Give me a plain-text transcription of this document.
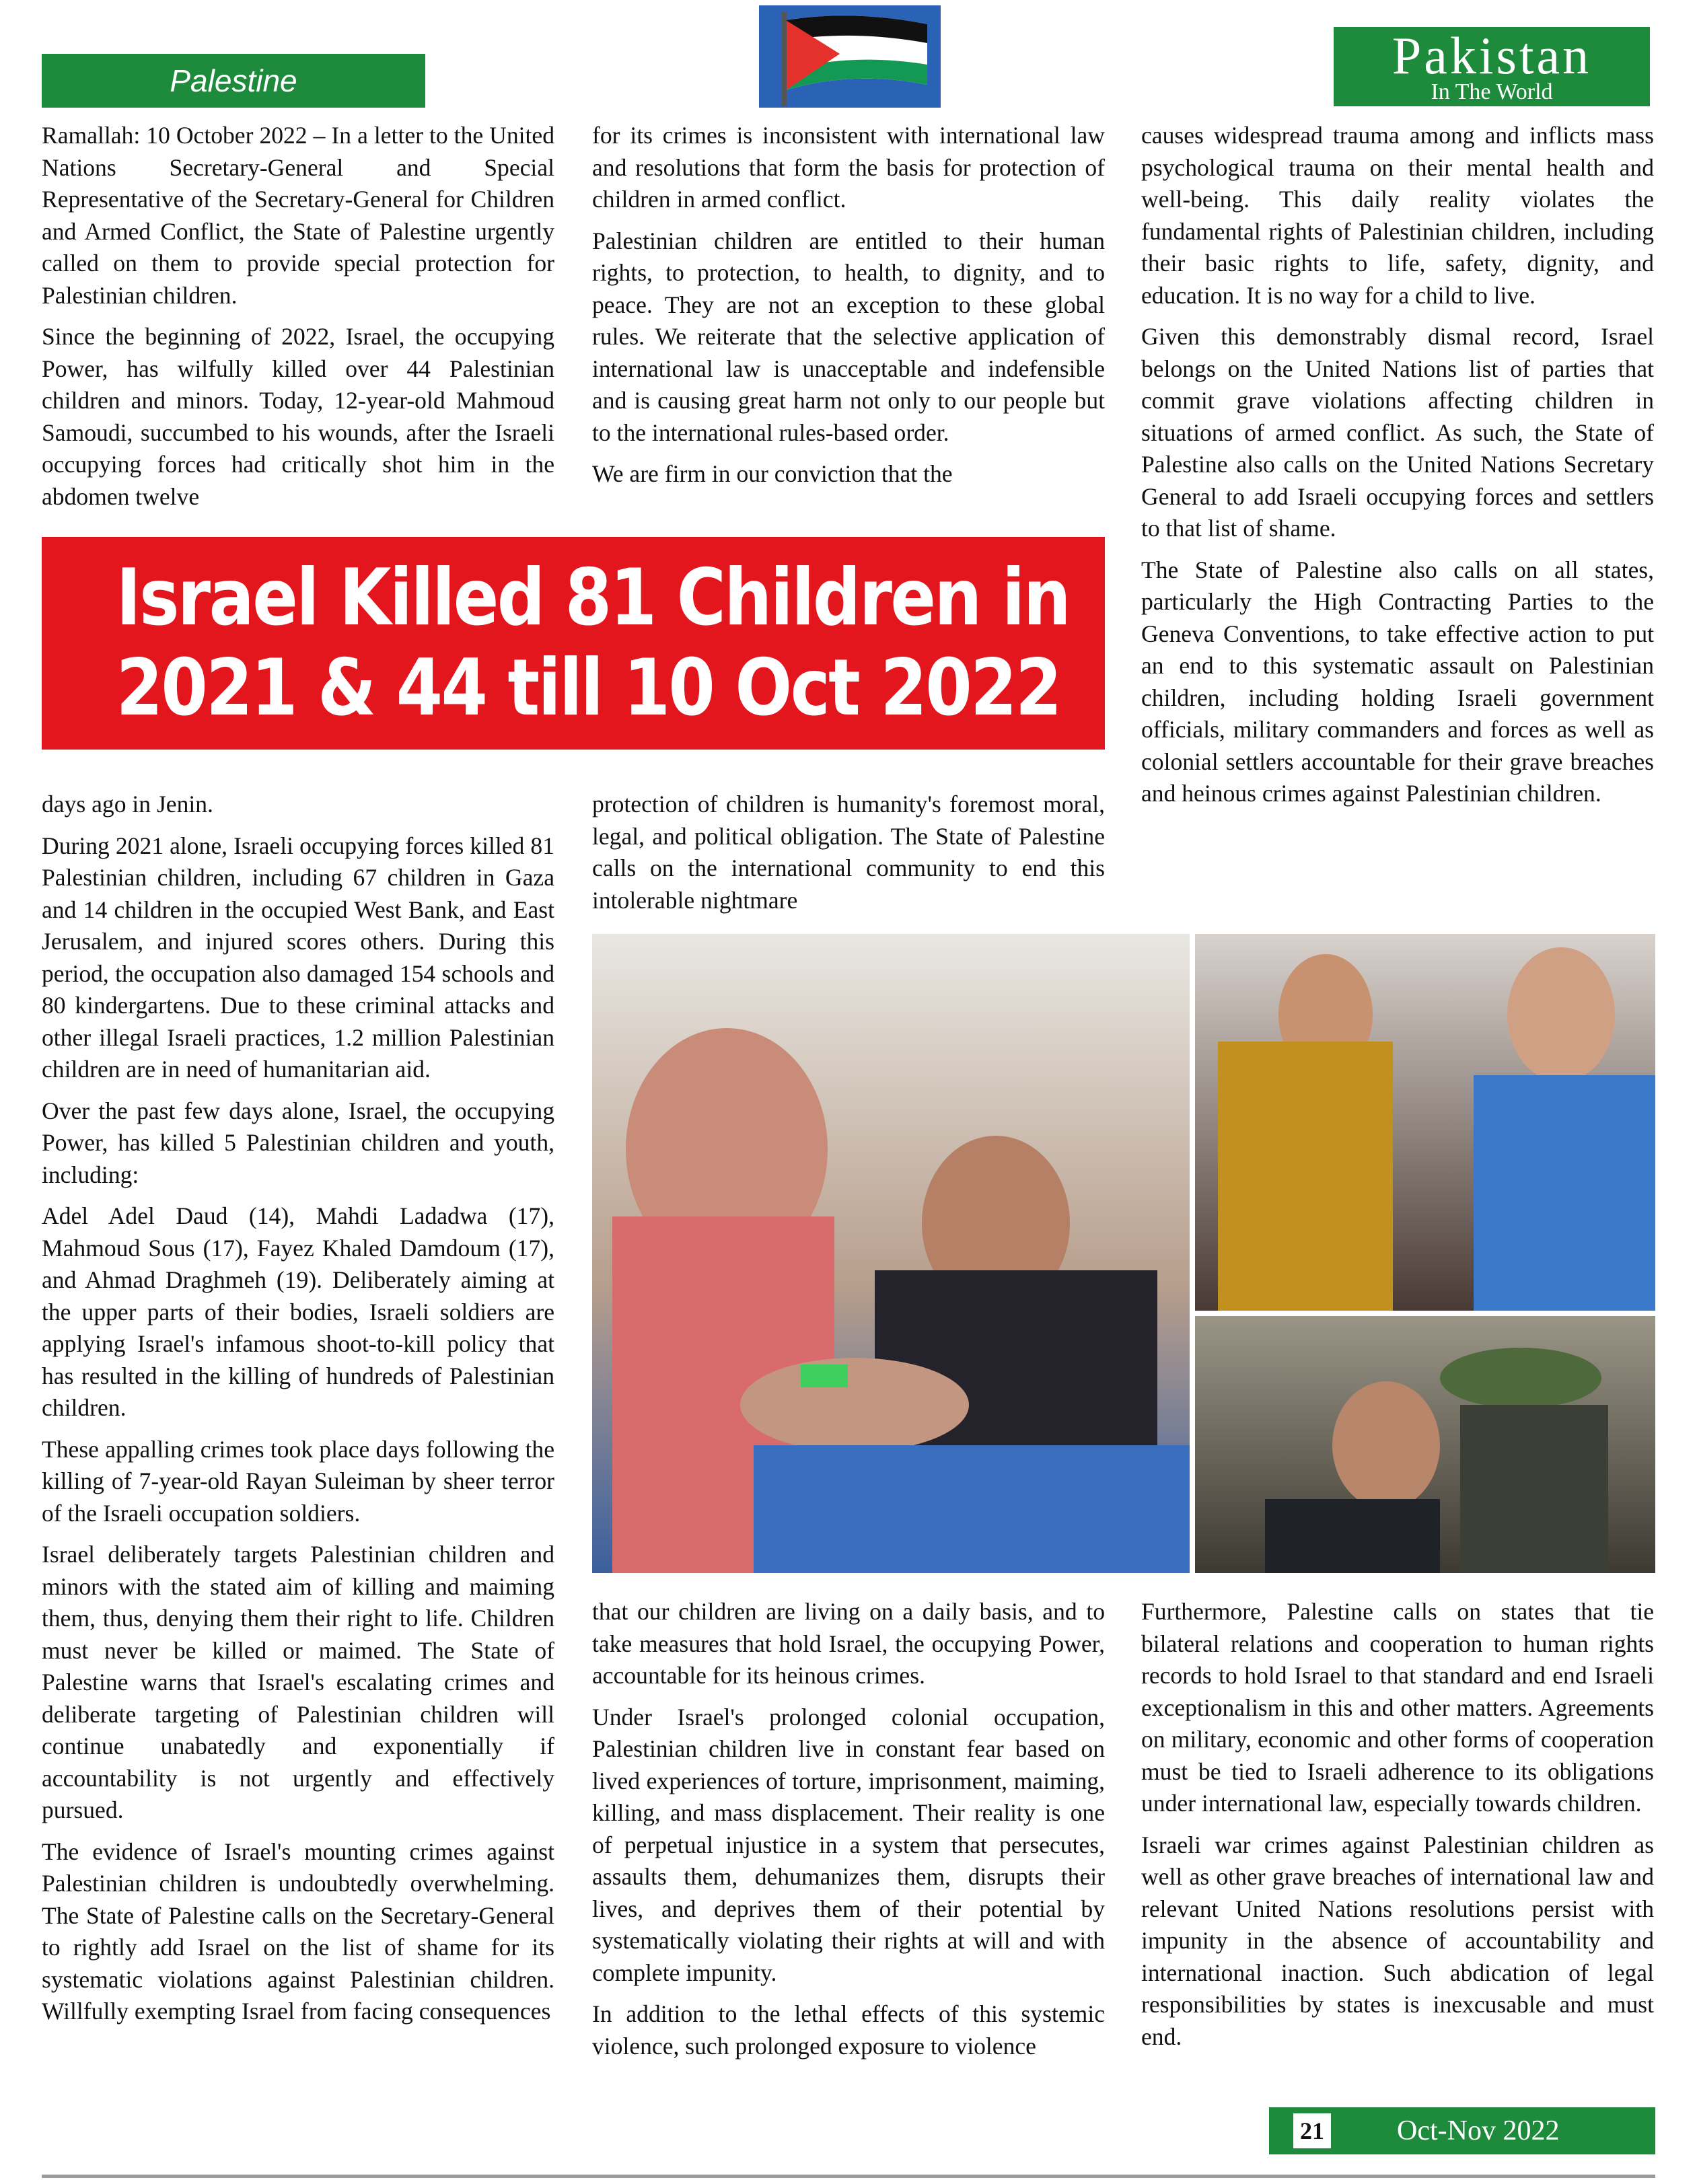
Palestine	Pakistan
In The World

Ramallah: 10 October 2022 – In a letter to the United Nations Secretary-General and Special Representative of the Secretary-General for Children and Armed Conflict, the State of Palestine urgently called on them to provide special protection for Palestinian children.

Since the beginning of 2022, Israel, the occupying Power, has wilfully killed over 44 Palestinian children and minors. Today, 12-year-old Mahmoud Samoudi, succumbed to his wounds, after the Israeli occupying forces had critically shot him in the abdomen twelve

for its crimes is inconsistent with international law and resolutions that form the basis for protection of children in armed conflict.

Palestinian children are entitled to their human rights, to protection, to health, to dignity, and to peace. They are not an exception to these global rules. We reiterate that the selective application of international law is unacceptable and indefensible and is causing great harm not only to our people but to the international rules-based order.

We are firm in our conviction that the

causes widespread trauma among and inflicts mass psychological trauma on their mental health and well-being. This daily reality violates the fundamental rights of Palestinian children, including their basic rights to life, safety, dignity, and education. It is no way for a child to live.

Given this demonstrably dismal record, Israel belongs on the United Nations list of parties that commit grave violations affecting children in situations of armed conflict. As such, the State of Palestine also calls on the United Nations Secretary General to add Israeli occupying forces and settlers to that list of shame.

The State of Palestine also calls on all states, particularly the High Contracting Parties to the Geneva Conventions, to take effective action to put an end to this systematic assault on Palestinian children, including holding Israeli government officials, military commanders and forces as well as colonial settlers accountable for their grave breaches and heinous crimes against Palestinian children.

Israel Killed 81 Children in
2021 & 44 till 10 Oct 2022

days ago in Jenin.

During 2021 alone, Israeli occupying forces killed 81 Palestinian children, including 67 children in Gaza and 14 children in the occupied West Bank, and East Jerusalem, and injured scores others. During this period, the occupation also damaged 154 schools and 80 kindergartens. Due to these criminal attacks and other illegal Israeli practices, 1.2 million Palestinian children are in need of humanitarian aid.

Over the past few days alone, Israel, the occupying Power, has killed 5 Palestinian children and youth, including:

Adel Adel Daud (14), Mahdi Ladadwa (17), Mahmoud Sous (17), Fayez Khaled Damdoum (17), and Ahmad Draghmeh (19). Deliberately aiming at the upper parts of their bodies, Israeli soldiers are applying Israel's infamous shoot-to-kill policy that has resulted in the killing of hundreds of Palestinian children.

These appalling crimes took place days following the killing of 7-year-old Rayan Suleiman by sheer terror of the Israeli occupation soldiers.

Israel deliberately targets Palestinian children and minors with the stated aim of killing and maiming them, thus, denying them their right to life. Children must never be killed or maimed. The State of Palestine warns that Israel's escalating crimes and deliberate targeting of Palestinian children will continue unabatedly and exponentially if accountability is not urgently and effectively pursued.

The evidence of Israel's mounting crimes against Palestinian children is undoubtedly overwhelming. The State of Palestine calls on the Secretary-General to rightly add Israel on the list of shame for its systematic violations against Palestinian children. Willfully exempting Israel from facing consequences

protection of children is humanity's foremost moral, legal, and political obligation. The State of Palestine calls on the international community to end this intolerable nightmare

that our children are living on a daily basis, and to take measures that hold Israel, the occupying Power, accountable for its heinous crimes.

Under Israel's prolonged colonial occupation, Palestinian children live in constant fear based on lived experiences of torture, imprisonment, maiming, killing, and mass displacement. Their reality is one of perpetual injustice in a system that persecutes, assaults them, dehumanizes them, disrupts their lives, and deprives them of their potential by systematically violating their rights at will and with complete impunity.

In addition to the lethal effects of this systemic violence, such prolonged exposure to violence

Furthermore, Palestine calls on states that tie bilateral relations and cooperation to human rights records to hold Israel to that standard and end Israeli exceptionalism in this and other matters. Agreements on military, economic and other forms of cooperation must be tied to Israeli adherence to its obligations under international law, especially towards children.

Israeli war crimes against Palestinian children as well as other grave breaches of international law and relevant United Nations resolutions persist with impunity in the absence of accountability and international inaction. Such abdication of legal responsibilities by states is inexcusable and must end.

21	Oct-Nov 2022
